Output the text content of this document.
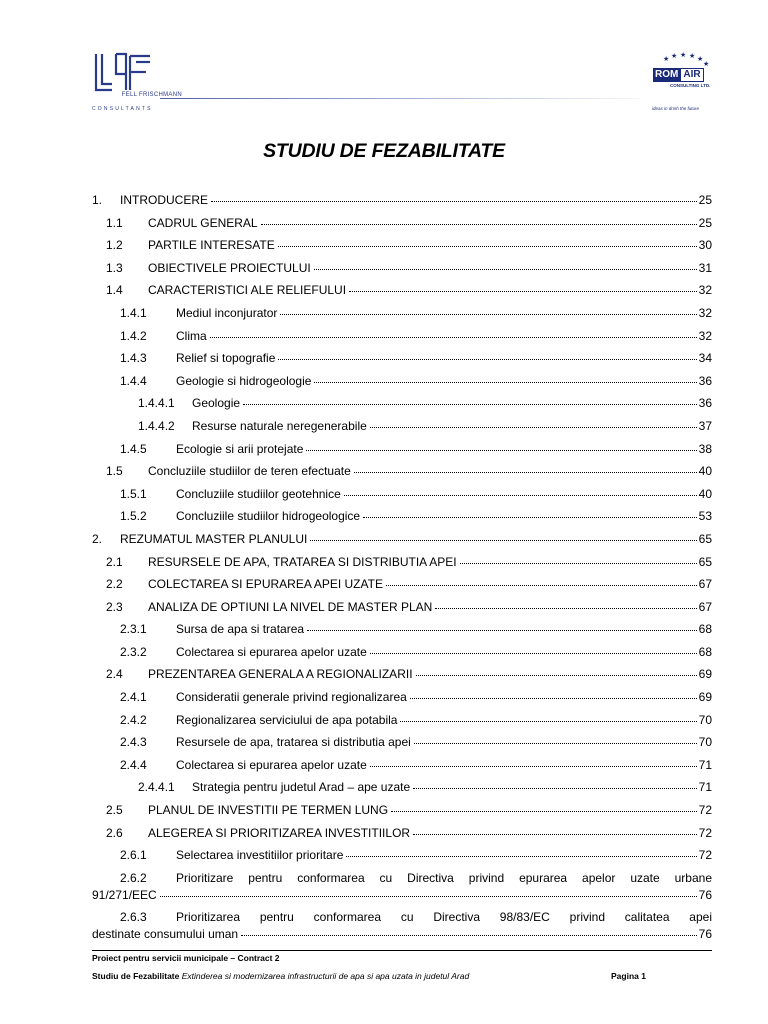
FELL FRISCHMANN
CONSULTANTS
★ ★ ★ ★
★
★
ROM AIR
CONSULTING LTD.
ideas in drinh the future
STUDIU DE FEZABILITATE
1.	INTRODUCERE	25
1.1	CADRUL GENERAL	25
1.2	PARTILE INTERESATE	30
1.3	OBIECTIVELE PROIECTULUI	31
1.4	CARACTERISTICI ALE RELIEFULUI	32
1.4.1	Mediul inconjurator	32
1.4.2	Clima	32
1.4.3	Relief si topografie	34
1.4.4	Geologie si hidrogeologie	36
1.4.4.1	Geologie	36
1.4.4.2	Resurse naturale neregenerabile	37
1.4.5	Ecologie si arii protejate	38
1.5	Concluziile studiilor de teren efectuate	40
1.5.1	Concluziile studiilor geotehnice	40
1.5.2	Concluziile studiilor hidrogeologice	53
2.	REZUMATUL MASTER PLANULUI	65
2.1	RESURSELE DE APA, TRATAREA SI DISTRIBUTIA APEI	65
2.2	COLECTAREA SI EPURAREA APEI UZATE	67
2.3	ANALIZA DE OPTIUNI LA NIVEL DE MASTER PLAN	67
2.3.1	Sursa de apa si tratarea	68
2.3.2	Colectarea si epurarea apelor uzate	68
2.4	PREZENTAREA GENERALA A REGIONALIZARII	69
2.4.1	Consideratii generale privind regionalizarea	69
2.4.2	Regionalizarea serviciului de apa potabila	70
2.4.3	Resursele de apa, tratarea si distributia apei	70
2.4.4	Colectarea si epurarea apelor uzate	71
2.4.4.1	Strategia pentru judetul Arad – ape uzate	71
2.5	PLANUL DE INVESTITII PE TERMEN LUNG	72
2.6	ALEGEREA SI PRIORITIZAREA INVESTITIILOR	72
2.6.1	Selectarea investitiilor prioritare	72
2.6.2	Prioritizare pentru conformarea cu Directiva privind epurarea apelor uzate urbane
91/271/EEC	76
2.6.3	Prioritizarea pentru conformarea cu Directiva 98/83/EC privind calitatea apei
destinate consumului uman	76
Proiect pentru servicii municipale – Contract 2
Studiu de Fezabilitate Extinderea si modernizarea infrastructurii de apa si apa uzata in judetul Arad	Pagina 1
